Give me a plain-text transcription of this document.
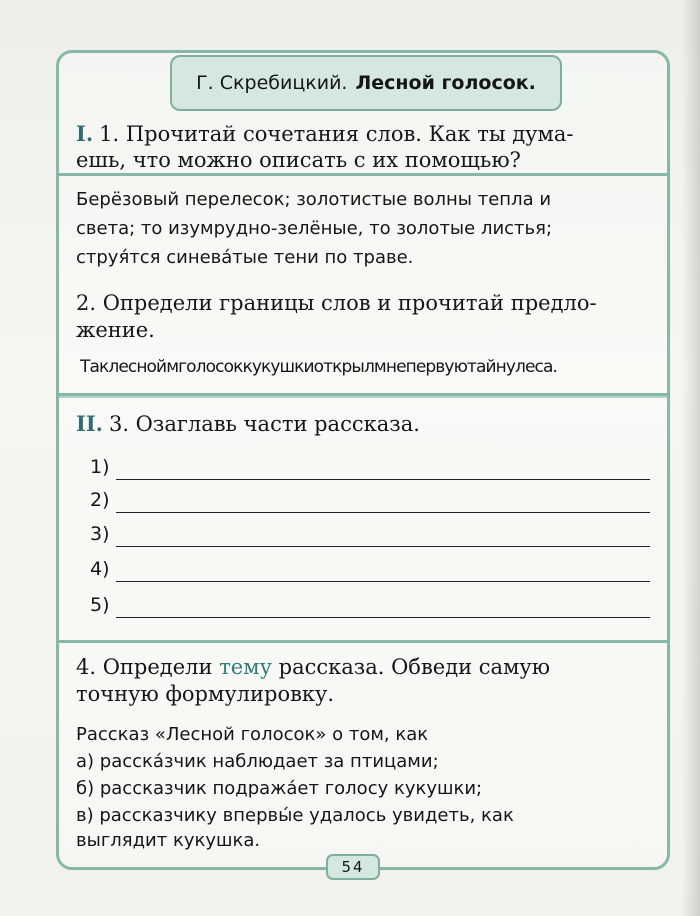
Г. Скребицкий. Лесной голосок.
I. 1. Прочитай сочетания слов. Как ты дума-
ешь, что можно описать с их помощью?
Берёзовый перелесок; золотистые волны тепла и
света; то изумрудно-зелёные, то золотые листья;
струя́тся синева́тые тени по траве.
2. Определи границы слов и прочитай предло-
жение.
Таклесноймголосоккукушкиоткрылмнепервуютайнулеса.
II. 3. Озаглавь части рассказа.
1)
2)
3)
4)
5)
4. Определи тему рассказа. Обведи самую
точную формулировку.
Рассказ «Лесной голосок» о том, как
а) расска́зчик наблюдает за птицами;
б) рассказчик подража́ет голосу кукушки;
в) рассказчику впервы́е удалось увидеть, как
выглядит кукушка.
54
